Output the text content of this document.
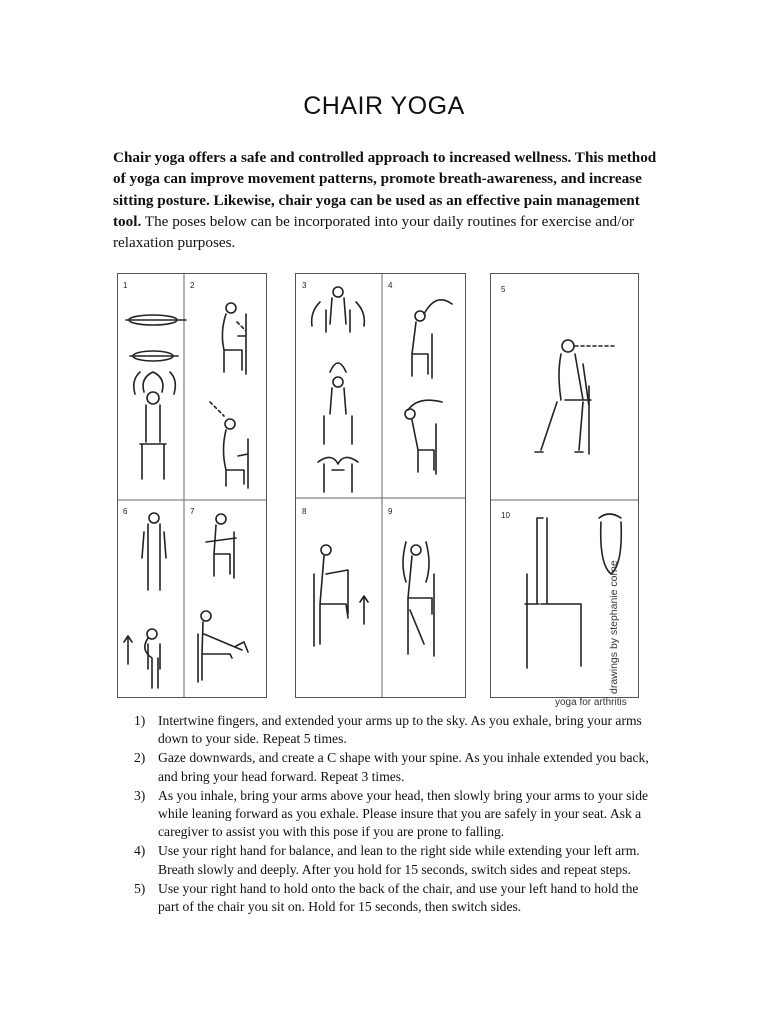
CHAIR YOGA

Chair yoga offers a safe and controlled approach to increased wellness. This method of yoga can improve movement patterns, promote breath-awareness, and increase sitting posture. Likewise, chair yoga can be used as an effective pain management tool. The poses below can be incorporated into your daily routines for exercise and/or relaxation purposes.

1	2
6	7
3	4
8	9
5
10
drawings by stephanie corne
yoga for arthritis
1) Intertwine fingers, and extended your arms up to the sky. As you exhale, bring your arms down to your side. Repeat 5 times.
2) Gaze downwards, and create a C shape with your spine. As you inhale extended you back, and bring your head forward. Repeat 3 times.
3) As you inhale, bring your arms above your head, then slowly bring your arms to your side while leaning forward as you exhale. Please insure that you are safely in your seat. Ask a caregiver to assist you with this pose if you are prone to falling.
4) Use your right hand for balance, and lean to the right side while extending your left arm. Breath slowly and deeply. After you hold for 15 seconds, switch sides and repeat steps.
5) Use your right hand to hold onto the back of the chair, and use your left hand to hold the part of the chair you sit on. Hold for 15 seconds, then switch sides.
